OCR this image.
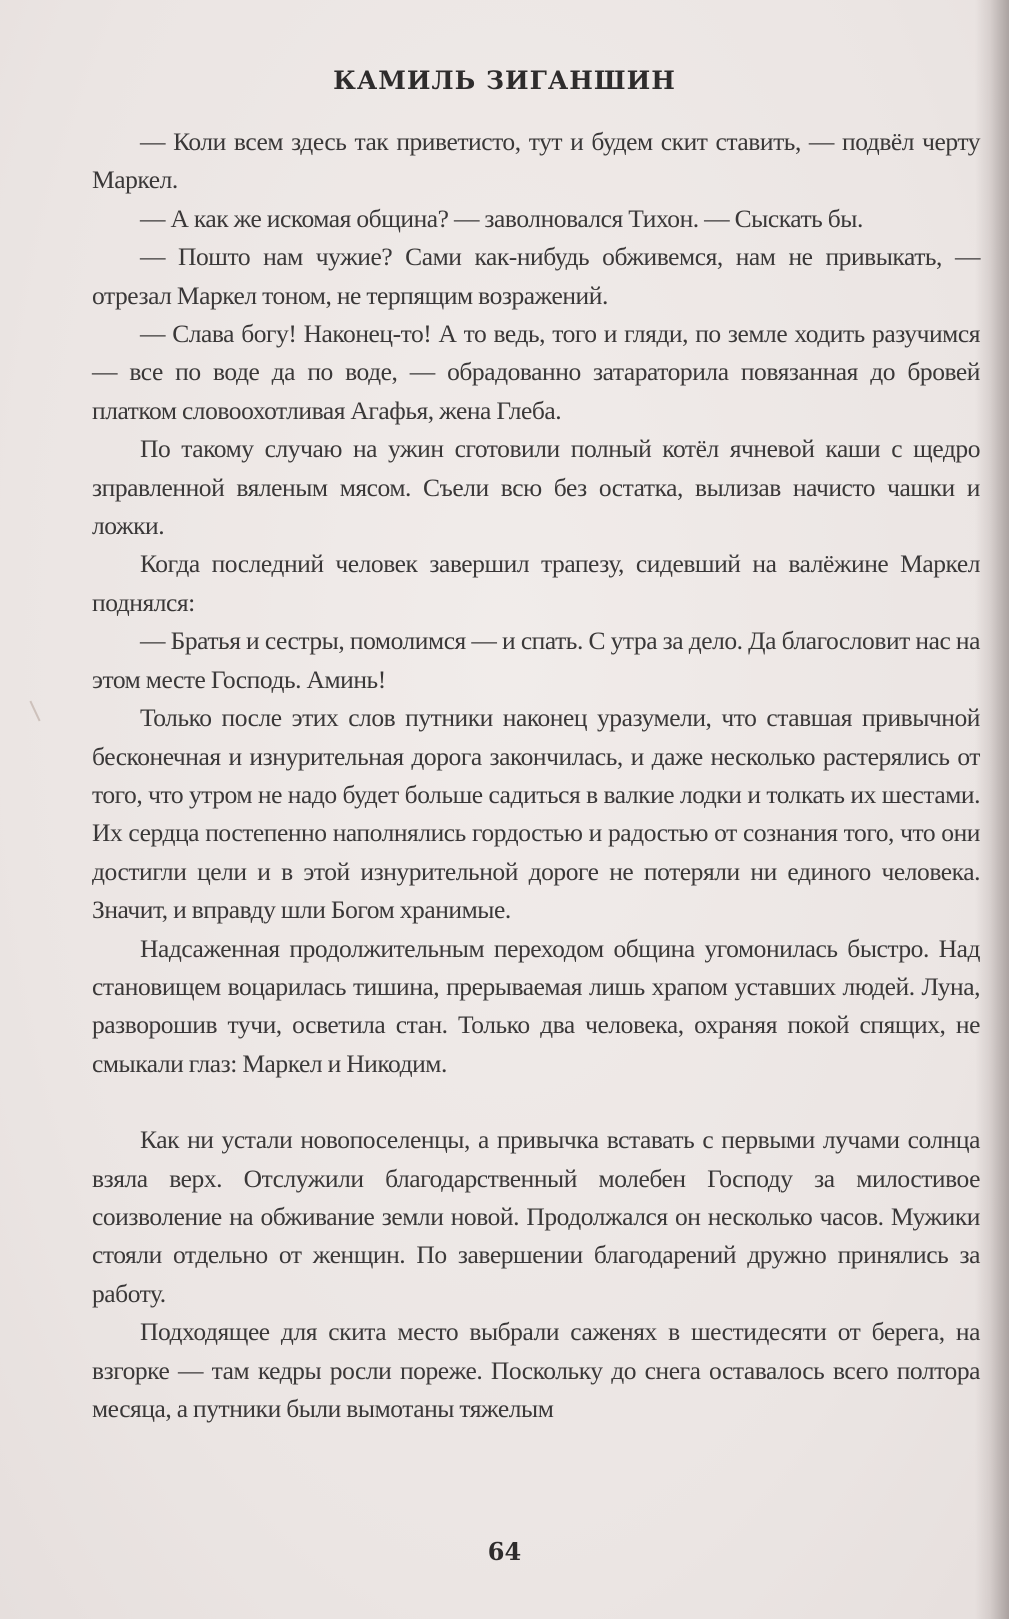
КАМИЛЬ ЗИГАНШИН

— Коли всем здесь так приветисто, тут и будем скит ставить, — подвёл черту Маркел.

— А как же искомая община? — заволновался Тихон. — Сыскать бы.

— Пошто нам чужие? Сами как-нибудь обживемся, нам не привыкать, — отрезал Маркел тоном, не терпящим возражений.

— Слава богу! Наконец-то! А то ведь, того и гляди, по земле ходить разучимся — все по воде да по воде, — обрадованно затараторила повязанная до бровей платком словоохотливая Агафья, жена Глеба.

По такому случаю на ужин сготовили полный котёл ячневой каши с щедро зправленной вяленым мясом. Съели всю без остатка, вылизав начисто чашки и ложки.

Когда последний человек завершил трапезу, сидевший на валёжине Маркел поднялся:

— Братья и сестры, помолимся — и спать. С утра за дело. Да благословит нас на этом месте Господь. Аминь!

Только после этих слов путники наконец уразумели, что ставшая привычной бесконечная и изнурительная дорога закончилась, и даже несколько растерялись от того, что утром не надо будет больше садиться в валкие лодки и толкать их шестами. Их сердца постепенно наполнялись гордостью и радостью от сознания того, что они достигли цели и в этой изнурительной дороге не потеряли ни единого человека. Значит, и вправду шли Богом хранимые.

Надсаженная продолжительным переходом община угомонилась быстро. Над становищем воцарилась тишина, прерываемая лишь храпом уставших людей. Луна, разворошив тучи, осветила стан. Только два человека, охраняя покой спящих, не смыкали глаз: Маркел и Никодим.

Как ни устали новопоселенцы, а привычка вставать с первыми лучами солнца взяла верх. Отслужили благодарственный молебен Господу за милостивое соизволение на обживание земли новой. Продолжался он несколько часов. Мужики стояли отдельно от женщин. По завершении благодарений дружно принялись за работу.

Подходящее для скита место выбрали саженях в шестидесяти от берега, на взгорке — там кедры росли пореже. Поскольку до снега оставалось всего полтора месяца, а путники были вымотаны тяжелым

64
